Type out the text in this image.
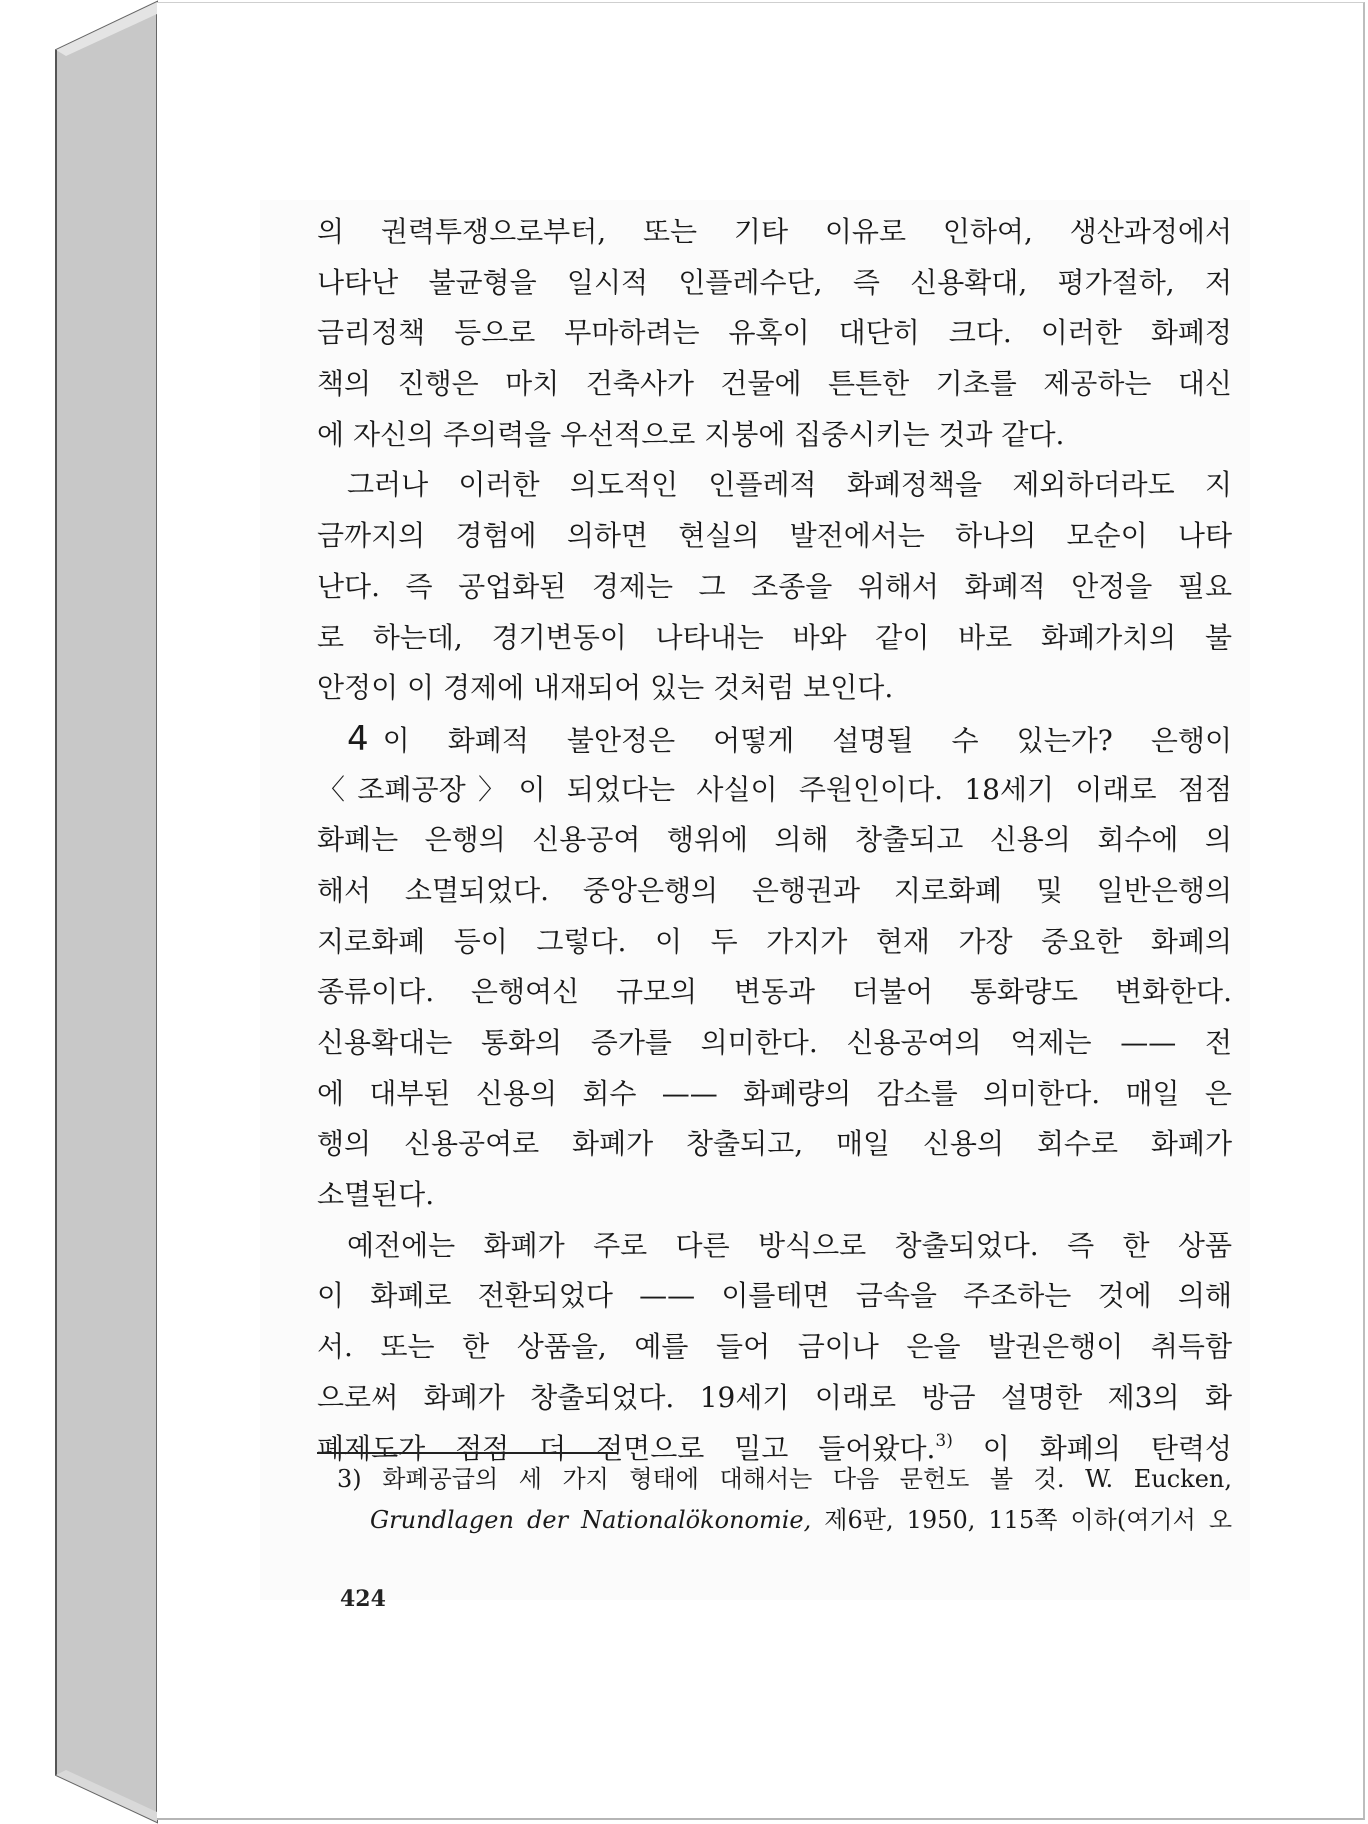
의 권력투쟁으로부터, 또는 기타 이유로 인하여, 생산과정에서
나타난 불균형을 일시적 인플레수단, 즉 신용확대, 평가절하, 저
금리정책 등으로 무마하려는 유혹이 대단히 크다. 이러한 화폐정
책의 진행은 마치 건축사가 건물에 튼튼한 기초를 제공하는 대신
에 자신의 주의력을 우선적으로 지붕에 집중시키는 것과 같다.
그러나 이러한 의도적인 인플레적 화폐정책을 제외하더라도 지
금까지의 경험에 의하면 현실의 발전에서는 하나의 모순이 나타
난다. 즉 공업화된 경제는 그 조종을 위해서 화폐적 안정을 필요
로 하는데, 경기변동이 나타내는 바와 같이 바로 화폐가치의 불
안정이 이 경제에 내재되어 있는 것처럼 보인다.
4 이 화폐적 불안정은 어떻게 설명될 수 있는가? 은행이
〈조폐공장〉이 되었다는 사실이 주원인이다. 18세기 이래로 점점
화폐는 은행의 신용공여 행위에 의해 창출되고 신용의 회수에 의
해서 소멸되었다. 중앙은행의 은행권과 지로화폐 및 일반은행의
지로화폐 등이 그렇다. 이 두 가지가 현재 가장 중요한 화폐의
종류이다. 은행여신 규모의 변동과 더불어 통화량도 변화한다.
신용확대는 통화의 증가를 의미한다. 신용공여의 억제는 —— 전
에 대부된 신용의 회수 —— 화폐량의 감소를 의미한다. 매일 은
행의 신용공여로 화폐가 창출되고, 매일 신용의 회수로 화폐가
소멸된다.
예전에는 화폐가 주로 다른 방식으로 창출되었다. 즉 한 상품
이 화폐로 전환되었다 —— 이를테면 금속을 주조하는 것에 의해
서. 또는 한 상품을, 예를 들어 금이나 은을 발권은행이 취득함
으로써 화폐가 창출되었다. 19세기 이래로 방금 설명한 제3의 화
폐제도가 점점 더 전면으로 밀고 들어왔다.$^{3)}$ 이 화폐의 탄력성
3) 화폐공급의 세 가지 형태에 대해서는 다음 문헌도 볼 것. W. Eucken,
Grundlagen der Nationalökonomie, 제6판, 1950, 115쪽 이하(여기서 오
424
